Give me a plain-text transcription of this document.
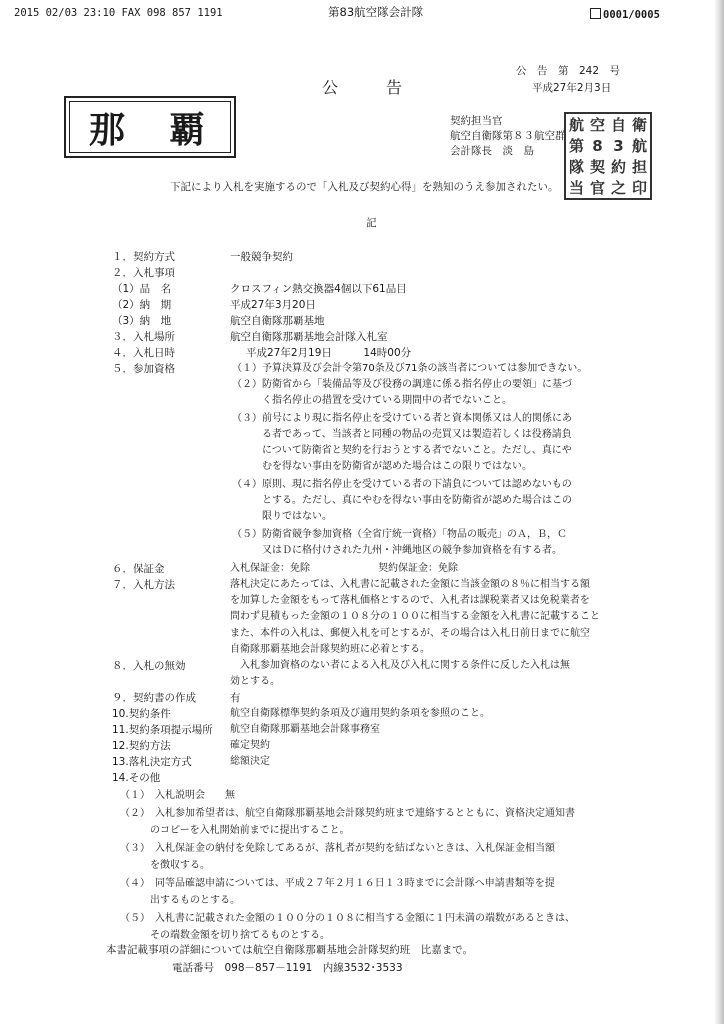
2015 02/03 23:10 FAX 098 857 1191	第83航空隊会計隊	0001/0005
公　告　第　242　号
平成27年2月3日
公　　　告
那 覇	契約担当官
航空自衛隊第８３航空群
会計隊長　淡　島
航 空 自 衛
第 8 3 航
隊 契 約 担
当 官 之 印
下記により入札を実施するので「入札及び契約心得」を熟知のうえ参加されたい。
記
１．契約方式	一般競争契約
２．入札事項
（1）品　名	クロスフィン熱交換器4個以下61品目
（2）納　期	平成27年3月20日
（3）納　地	航空自衛隊那覇基地
３．入札場所	航空自衛隊那覇基地会計隊入札室
４．入札日時	平成27年2月19日　　　14時00分
５．参加資格	（１）予算決算及び会計令第70条及び71条の該当者については参加できない。
（２）防衛省から「装備品等及び役務の調達に係る指名停止の要領」に基づ
　　　く指名停止の措置を受けている期間中の者でないこと。
（３）前号により現に指名停止を受けている者と資本関係又は人的関係にあ
　　　る者であって、当該者と同種の物品の売買又は製造若しくは役務請負
　　　について防衛省と契約を行おうとする者でないこと。ただし、真にや
　　　むを得ない事由を防衛省が認めた場合はこの限りではない。
（４）原則、現に指名停止を受けている者の下請負については認めないもの
　　　とする。ただし、真にやむを得ない事由を防衛省が認めた場合はこの
　　　限りではない。
（５）防衛省競争参加資格（全省庁統一資格）「物品の販売」のＡ，Ｂ，Ｃ
　　　又はＤに格付けされた九州・沖縄地区の競争参加資格を有する者。
６．保証金	入札保証金：免除	契約保証金：免除
７．入札方法	落札決定にあたっては、入札書に記載された金額に当該金額の８％に相当する額
を加算した金額をもって落札価格とするので、入札者は課税業者又は免税業者を
問わず見積もった金額の１０８分の１００に相当する金額を入札書に記載すること
また、本件の入札は、郵便入札を可とするが、その場合は入札日前日までに航空
自衛隊那覇基地会計隊契約班に必着とする。
８．入札の無効	入札参加資格のない者による入札及び入札に関する条件に反した入札は無
効とする。
９．契約書の作成	有
10.契約条件	航空自衛隊標準契約条項及び適用契約条項を参照のこと。
11.契約条項提示場所 航空自衛隊那覇基地会計隊事務室
12.契約方法	確定契約
13.落札決定方式	総額決定
14.その他
（１）　入札説明会　　無
（２）　入札参加希望者は、航空自衛隊那覇基地会計隊契約班まで連絡するとともに、資格決定通知書
　　　のコピーを入札開始前までに提出すること。
（３）　入札保証金の納付を免除してあるが、落札者が契約を結ばないときは、入札保証金相当額
　　　を徴収する。
（４）　同等品確認申請については、平成２７年２月１６日１３時までに会計隊へ申請書類等を提
　　　出するものとする。
（５）　入札書に記載された金額の１００分の１０８に相当する金額に１円未満の端数があるときは、
　　　その端数金額を切り捨てるものとする。
本書記載事項の詳細については航空自衛隊那覇基地会計隊契約班　比嘉まで。
電話番号　098－857－1191　内線3532･3533
